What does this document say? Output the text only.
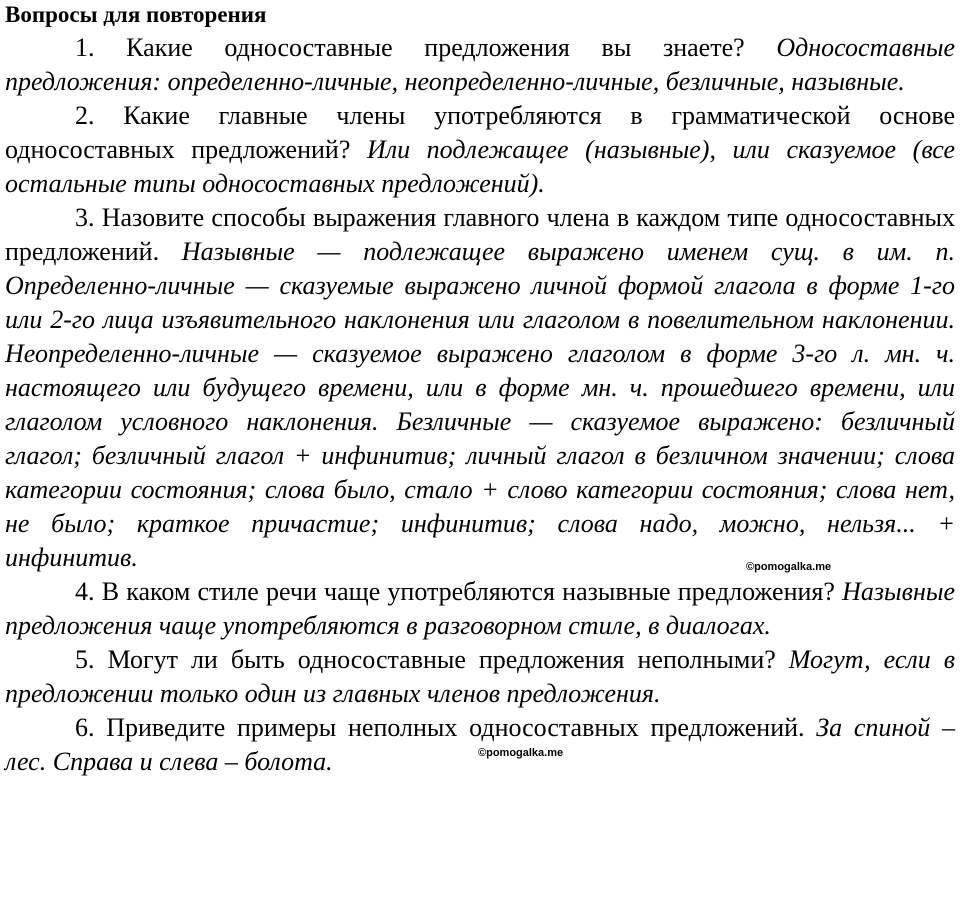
Вопросы для повторения

1. Какие односоставные предложения вы знаете? Односоставные предложения: определенно-личные, неопределенно-личные, безличные, назывные.

2. Какие главные члены употребляются в грамматической основе односоставных предложений? Или подлежащее (назывные), или сказуемое (все остальные типы односоставных предложений).

3. Назовите способы выражения главного члена в каждом типе односоставных предложений. Назывные — подлежащее выражено именем сущ. в им. п. Определенно-личные — сказуемые выражено личной формой глагола в форме 1-го или 2-го лица изъявительного наклонения или глаголом в повелительном наклонении. Неопределенно-личные — сказуемое выражено глаголом в форме 3-го л. мн. ч. настоящего или будущего времени, или в форме мн. ч. прошедшего времени, или глаголом условного наклонения. Безличные — сказуемое выражено: безличный глагол; безличный глагол + инфинитив; личный глагол в безличном значении; слова категории состояния; слова было, стало + слово категории состояния; слова нет, не было; краткое причастие; инфинитив; слова надо, можно, нельзя... + инфинитив.

4. В каком стиле речи чаще употребляются назывные предложения? Назывные предложения чаще употребляются в разговорном стиле, в диалогах.

5. Могут ли быть односоставные предложения неполными? Могут, если в предложении только один из главных членов предложения.

6. Приведите примеры неполных односоставных предложений. За спиной – лес. Справа и слева – болота.

©pomogalka.me
©pomogalka.me
